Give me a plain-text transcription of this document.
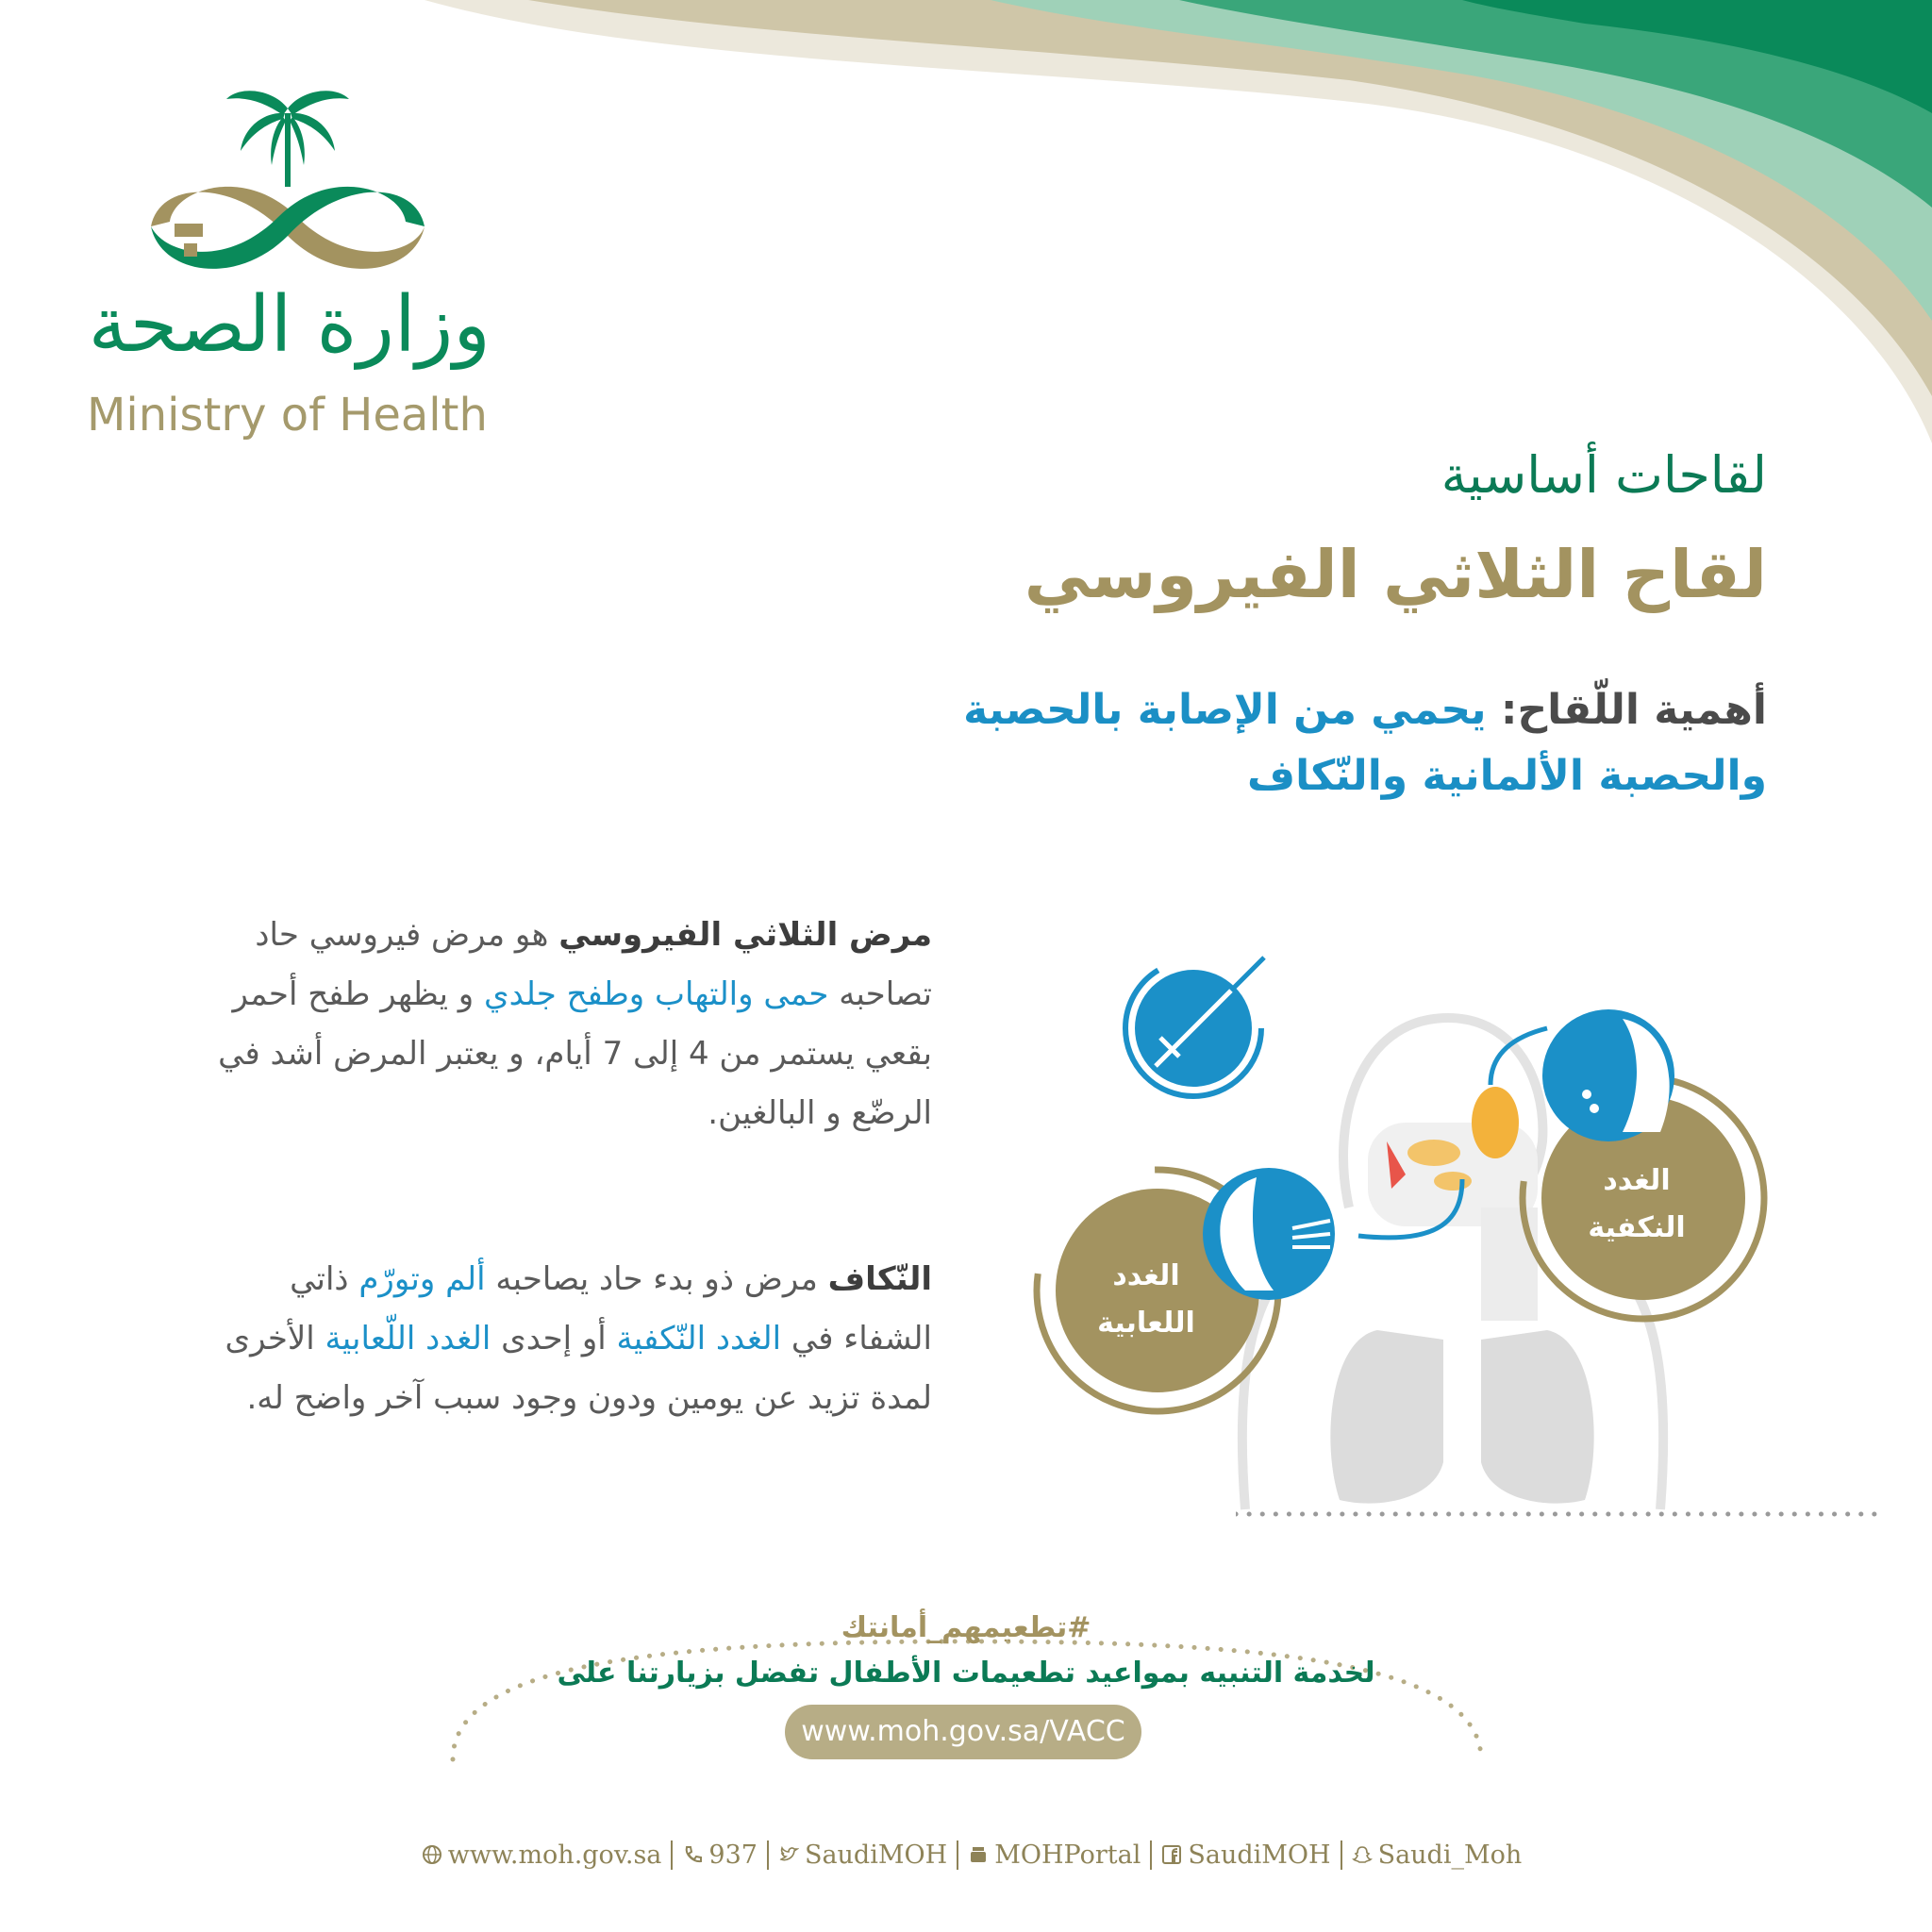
وزارة الصحة
Ministry of Health
لقاحات أساسية
لقاح الثلاثي الفيروسي
أهمية اللّقاح: يحمي من الإصابة بالحصبة
والحصبة الألمانية والنّكاف
مرض الثلاثي الفيروسي هو مرض فيروسي حاد تصاحبه حمى والتهاب وطفح جلدي و يظهر طفح أحمر بقعي يستمر من 4 إلى 7 أيام، و يعتبر المرض أشد في الرضّع و البالغين.
النّكاف مرض ذو بدء حاد يصاحبه ألم وتورّم ذاتي الشفاء في الغدد النّكفية أو إحدى الغدد اللّعابية الأخرى لمدة تزيد عن يومين ودون وجود سبب آخر واضح له.
الغدد
النكفية
الغدد
اللعابية
#تطعيمهم_أمانتك
لخدمة التنبيه بمواعيد تطعيمات الأطفال تفضل بزيارتنا على
www.moh.gov.sa/VACC
www.moh.gov.sa 937 SaudiMOH MOHPortal SaudiMOH Saudi_Moh
